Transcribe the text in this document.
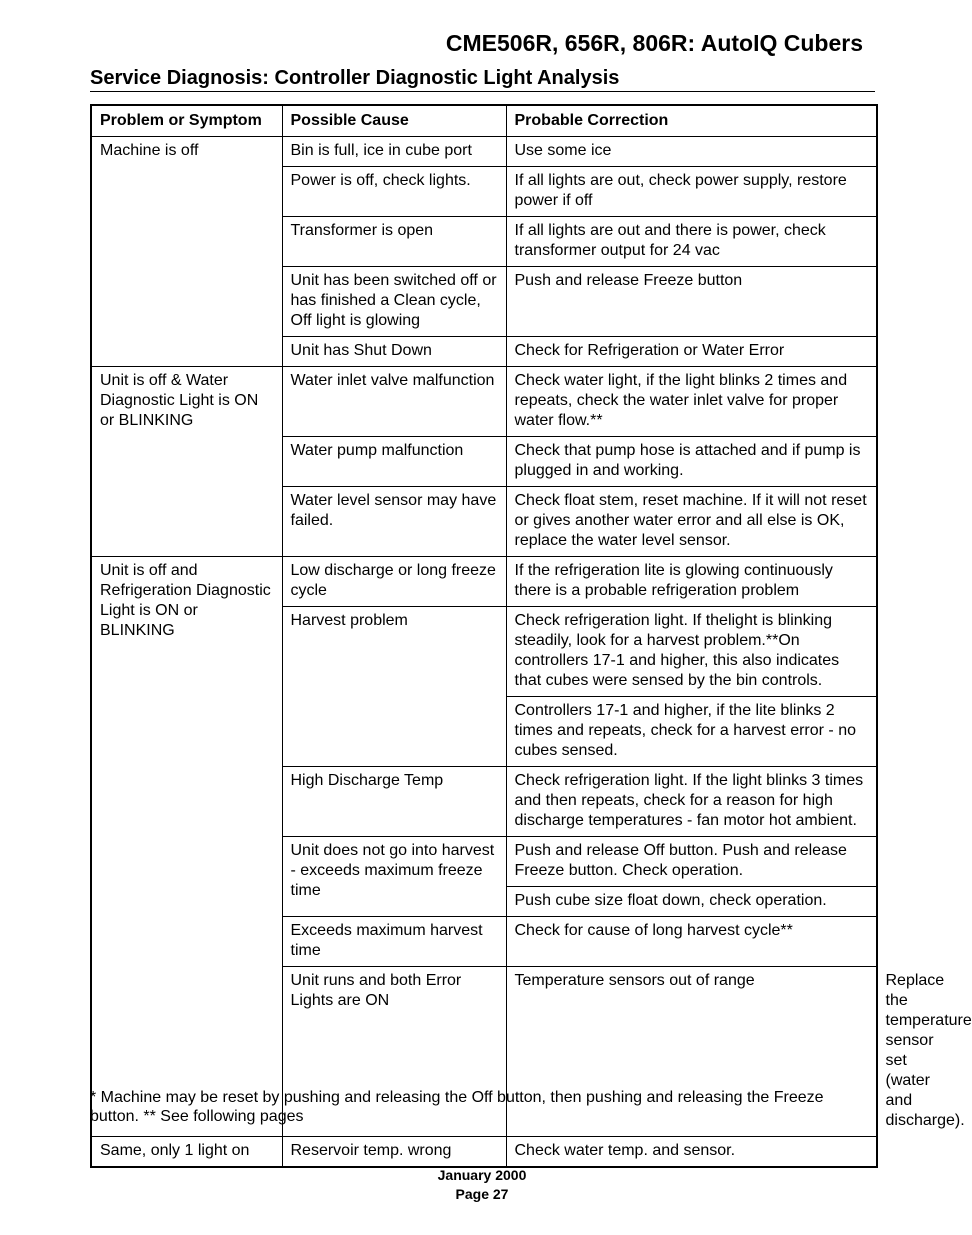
CME506R, 656R, 806R: AutoIQ Cubers
Service Diagnosis: Controller Diagnostic Light Analysis
Problem or Symptom	Possible Cause	Probable Correction	
Machine is off	Bin is full, ice in cube port	Use some ice	
	Power is off, check lights.	If all lights are out, check power supply, restore power if off	
	Transformer is open	If all lights are out and there is power, check transformer output for 24 vac	
	Unit has been switched off or has finished a Clean cycle, Off light is glowing	Push and release Freeze button	
	Unit has Shut Down	Check for Refrigeration or Water Error	
Unit is off & Water Diagnostic Light is ON or BLINKING	Water inlet valve malfunction	Check water light, if the light blinks 2 times and repeats, check the water inlet valve for proper water flow.**	
	Water pump malfunction	Check that pump hose is attached and if pump is plugged in and working.	
	Water level sensor may have failed.	Check float stem, reset machine. If it will not reset or gives another water error and all else is OK, replace the water level sensor.	
Unit is off and Refrigeration Diagnostic Light is ON or BLINKING	Low discharge or long freeze cycle	If the refrigeration lite is glowing continuously there is a probable refrigeration problem	
	Harvest problem	Check refrigeration light. If thelight is blinking steadily, look for a harvest problem.**On controllers 17-1 and higher, this also indicates that cubes were sensed by the bin controls.	
		Controllers 17-1 and higher, if the lite blinks 2 times and repeats, check for a harvest error - no cubes sensed.	
	High Discharge Temp	Check refrigeration light. If the light blinks 3 times and then repeats, check for a reason for high discharge temperatures - fan motor hot ambient.	
	Unit does not go into harvest - exceeds maximum freeze time	Push and release Off button. Push and release Freeze button. Check operation.	
		Push cube size float down, check operation.	
	Exceeds maximum harvest time	Check for cause of long harvest cycle**	
	Unit runs and both Error Lights are ON	Temperature sensors out of range	Replace the temperature sensor set (water and discharge).
Same, only 1 light on	Reservoir temp. wrong	Check water temp. and sensor.	

* Machine may be reset by pushing and releasing the Off button, then pushing and releasing the Freeze button. ** See following pages

January 2000
Page 27
